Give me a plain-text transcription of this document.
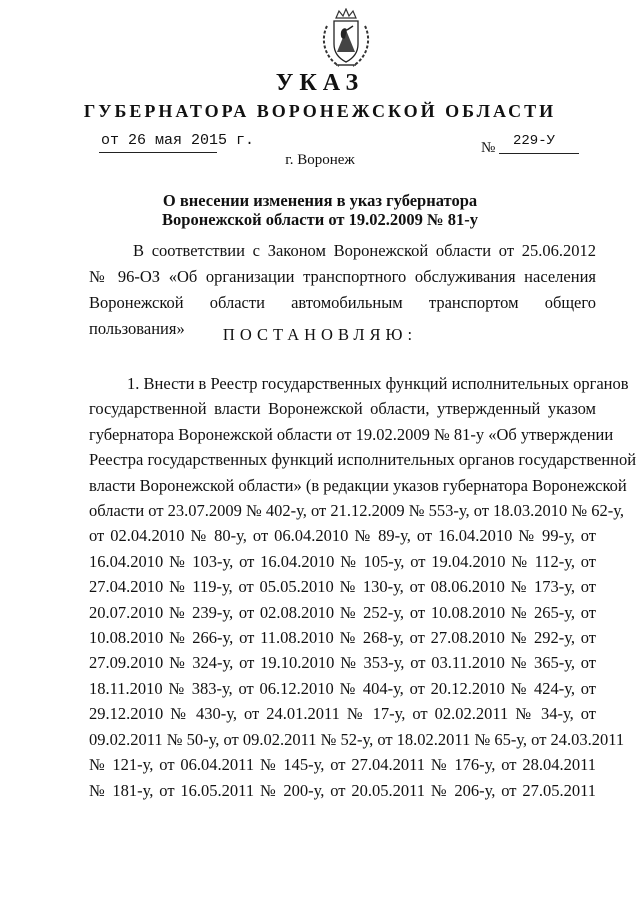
УКАЗ
ГУБЕРНАТОРА ВОРОНЕЖСКОЙ ОБЛАСТИ
от 26 мая 2015 г.	№ 229-У
г. Воронеж
О внесении изменения в указ губернатора
Воронежской области от 19.02.2009 № 81-у
В соответствии с Законом Воронежской области от 25.06.2012
№ 96-ОЗ «Об организации транспортного обслуживания населения
Воронежской области автомобильным транспортом общего пользования»	ПОСТАНОВЛЯЮ:
1. Внести в Реестр государственных функций исполнительных органов
государственной власти Воронежской области, утвержденный указом
губернатора Воронежской области от 19.02.2009 № 81-у «Об утверждении
Реестра государственных функций исполнительных органов государственной
власти Воронежской области» (в редакции указов губернатора Воронежской
области от 23.07.2009 № 402-у, от 21.12.2009 № 553-у, от 18.03.2010 № 62-у,
от 02.04.2010 № 80-у, от 06.04.2010 № 89-у, от 16.04.2010 № 99-у, от
16.04.2010 № 103-у, от 16.04.2010 № 105-у, от 19.04.2010 № 112-у, от
27.04.2010 № 119-у, от 05.05.2010 № 130-у, от 08.06.2010 № 173-у, от
20.07.2010 № 239-у, от 02.08.2010 № 252-у, от 10.08.2010 № 265-у, от
10.08.2010 № 266-у, от 11.08.2010 № 268-у, от 27.08.2010 № 292-у, от
27.09.2010 № 324-у, от 19.10.2010 № 353-у, от 03.11.2010 № 365-у, от
18.11.2010 № 383-у, от 06.12.2010 № 404-у, от 20.12.2010 № 424-у, от
29.12.2010 № 430-у, от 24.01.2011 № 17-у, от 02.02.2011 № 34-у, от
09.02.2011 № 50-у, от 09.02.2011 № 52-у, от 18.02.2011 № 65-у, от 24.03.2011
№ 121-у, от 06.04.2011 № 145-у, от 27.04.2011 № 176-у, от 28.04.2011
№ 181-у, от 16.05.2011 № 200-у, от 20.05.2011 № 206-у, от 27.05.2011
